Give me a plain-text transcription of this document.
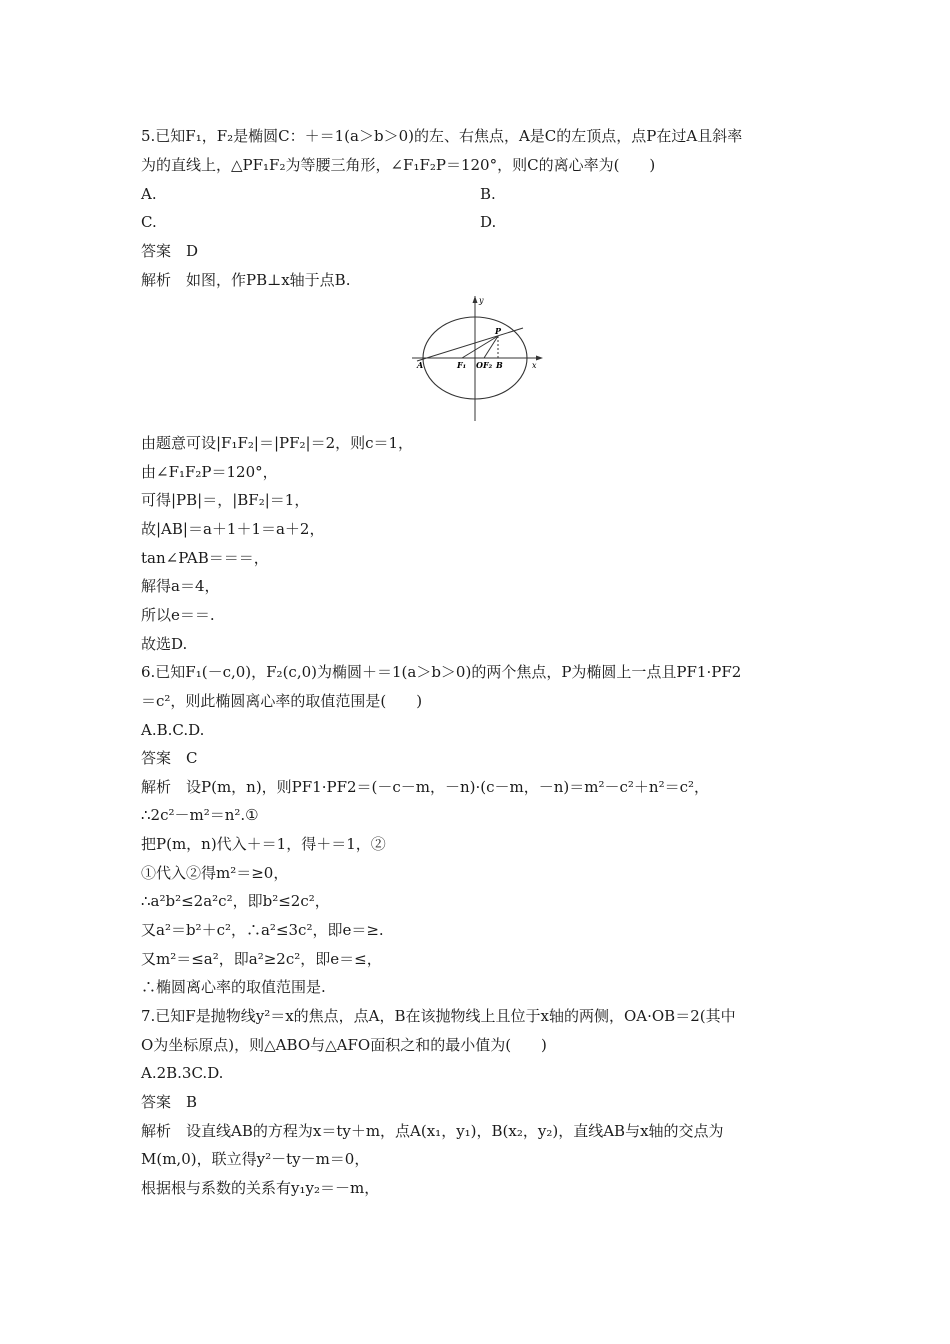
5.已知F₁，F₂是椭圆C：＋＝1(a＞b＞0)的左、右焦点，A是C的左顶点，点P在过A且斜率
为的直线上，△PF₁F₂为等腰三角形，∠F₁F₂P＝120°，则C的离心率为(　　)
A.	B.
C.	D.
答案　D
解析　如图，作PB⊥x轴于点B.
y
x
A	F₁ O F₂ B
P
由题意可设|F₁F₂|＝|PF₂|＝2，则c＝1，
由∠F₁F₂P＝120°，
可得|PB|＝，|BF₂|＝1，
故|AB|＝a＋1＋1＝a＋2，
tan∠PAB＝＝＝，
解得a＝4，
所以e＝＝.
故选D.
6.已知F₁(－c,0)，F₂(c,0)为椭圆＋＝1(a＞b＞0)的两个焦点，P为椭圆上一点且PF1·PF2
＝c²，则此椭圆离心率的取值范围是(　　)
A.B.C.D.
答案　C
解析　设P(m，n)，则PF1·PF2＝(－c－m，－n)·(c－m，－n)＝m²－c²＋n²＝c²，
∴2c²－m²＝n².①
把P(m，n)代入＋＝1，得＋＝1，②
①代入②得m²＝≥0，
∴a²b²≤2a²c²，即b²≤2c²，
又a²＝b²＋c²，∴a²≤3c²，即e＝≥.
又m²＝≤a²，即a²≥2c²，即e＝≤，
∴椭圆离心率的取值范围是.
7.已知F是抛物线y²＝x的焦点，点A，B在该抛物线上且位于x轴的两侧，OA·OB＝2(其中
O为坐标原点)，则△ABO与△AFO面积之和的最小值为(　　)
A.2B.3C.D.
答案　B
解析　设直线AB的方程为x＝ty＋m，点A(x₁，y₁)，B(x₂，y₂)，直线AB与x轴的交点为
M(m,0)，联立得y²－ty－m＝0，
根据根与系数的关系有y₁y₂＝－m，
